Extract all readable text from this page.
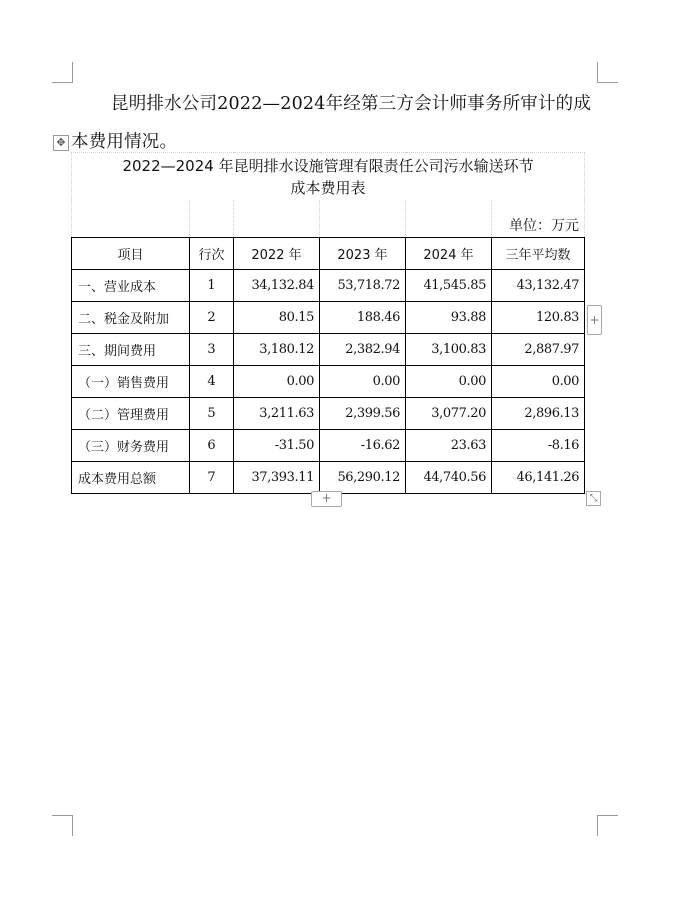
昆明排水公司2022—2024年经第三方会计师事务所审计的成
本费用情况。
✥
2022—2024 年昆明排水设施管理有限责任公司污水输送环节
成本费用表					

					单位：万元
项目	行次	2022 年	2023 年	2024 年	三年平均数
一、营业成本	1	34,132.84	53,718.72	41,545.85	43,132.47
二、税金及附加	2	80.15	188.46	93.88	120.83
三、期间费用	3	3,180.12	2,382.94	3,100.83	2,887.97
（一）销售费用	4	0.00	0.00	0.00	0.00
（二）管理费用	5	3,211.63	2,399.56	3,077.20	2,896.13
（三）财务费用	6	-31.50	-16.62	23.63	-8.16
成本费用总额	7	37,393.11	56,290.12	44,740.56	46,141.26
+
+	⤡
